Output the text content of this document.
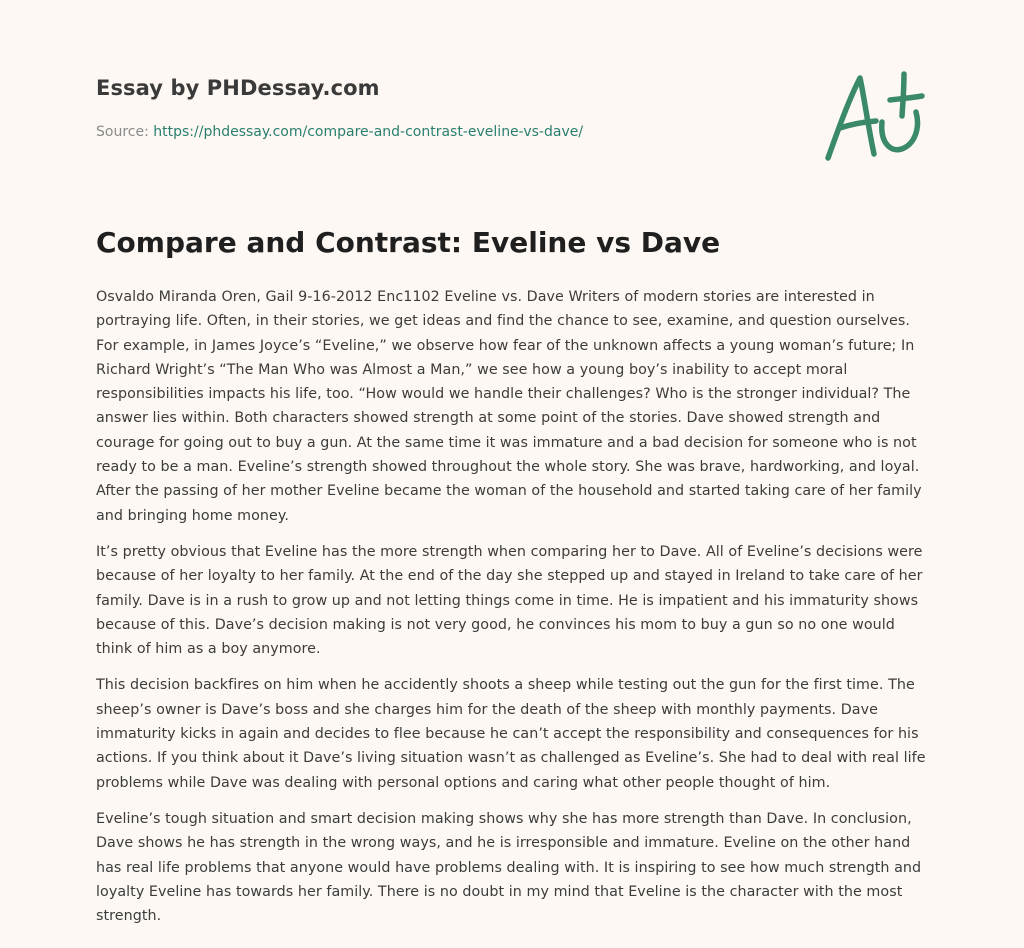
Essay by PHDessay.com

Source: https://phdessay.com/compare-and-contrast-eveline-vs-dave/

Compare and Contrast: Eveline vs Dave

Osvaldo Miranda Oren, Gail 9-16-2012 Enc1102 Eveline vs. Dave Writers of modern stories are interested in portraying life. Often, in their stories, we get ideas and find the chance to see, examine, and question ourselves. For example, in James Joyce’s “Eveline,” we observe how fear of the unknown affects a young woman’s future; In Richard Wright’s “The Man Who was Almost a Man,” we see how a young boy’s inability to accept moral responsibilities impacts his life, too. “How would we handle their challenges? Who is the stronger individual? The answer lies within. Both characters showed strength at some point of the stories. Dave showed strength and courage for going out to buy a gun. At the same time it was immature and a bad decision for someone who is not ready to be a man. Eveline’s strength showed throughout the whole story. She was brave, hardworking, and loyal. After the passing of her mother Eveline became the woman of the household and started taking care of her family and bringing home money.

It’s pretty obvious that Eveline has the more strength when comparing her to Dave. All of Eveline’s decisions were because of her loyalty to her family. At the end of the day she stepped up and stayed in Ireland to take care of her family. Dave is in a rush to grow up and not letting things come in time. He is impatient and his immaturity shows because of this. Dave’s decision making is not very good, he convinces his mom to buy a gun so no one would think of him as a boy anymore.

This decision backfires on him when he accidently shoots a sheep while testing out the gun for the first time. The sheep’s owner is Dave’s boss and she charges him for the death of the sheep with monthly payments. Dave immaturity kicks in again and decides to flee because he can’t accept the responsibility and consequences for his actions. If you think about it Dave’s living situation wasn’t as challenged as Eveline’s. She had to deal with real life problems while Dave was dealing with personal options and caring what other people thought of him.

Eveline’s tough situation and smart decision making shows why she has more strength than Dave. In conclusion, Dave shows he has strength in the wrong ways, and he is irresponsible and immature. Eveline on the other hand has real life problems that anyone would have problems dealing with. It is inspiring to see how much strength and loyalty Eveline has towards her family. There is no doubt in my mind that Eveline is the character with the most strength.
